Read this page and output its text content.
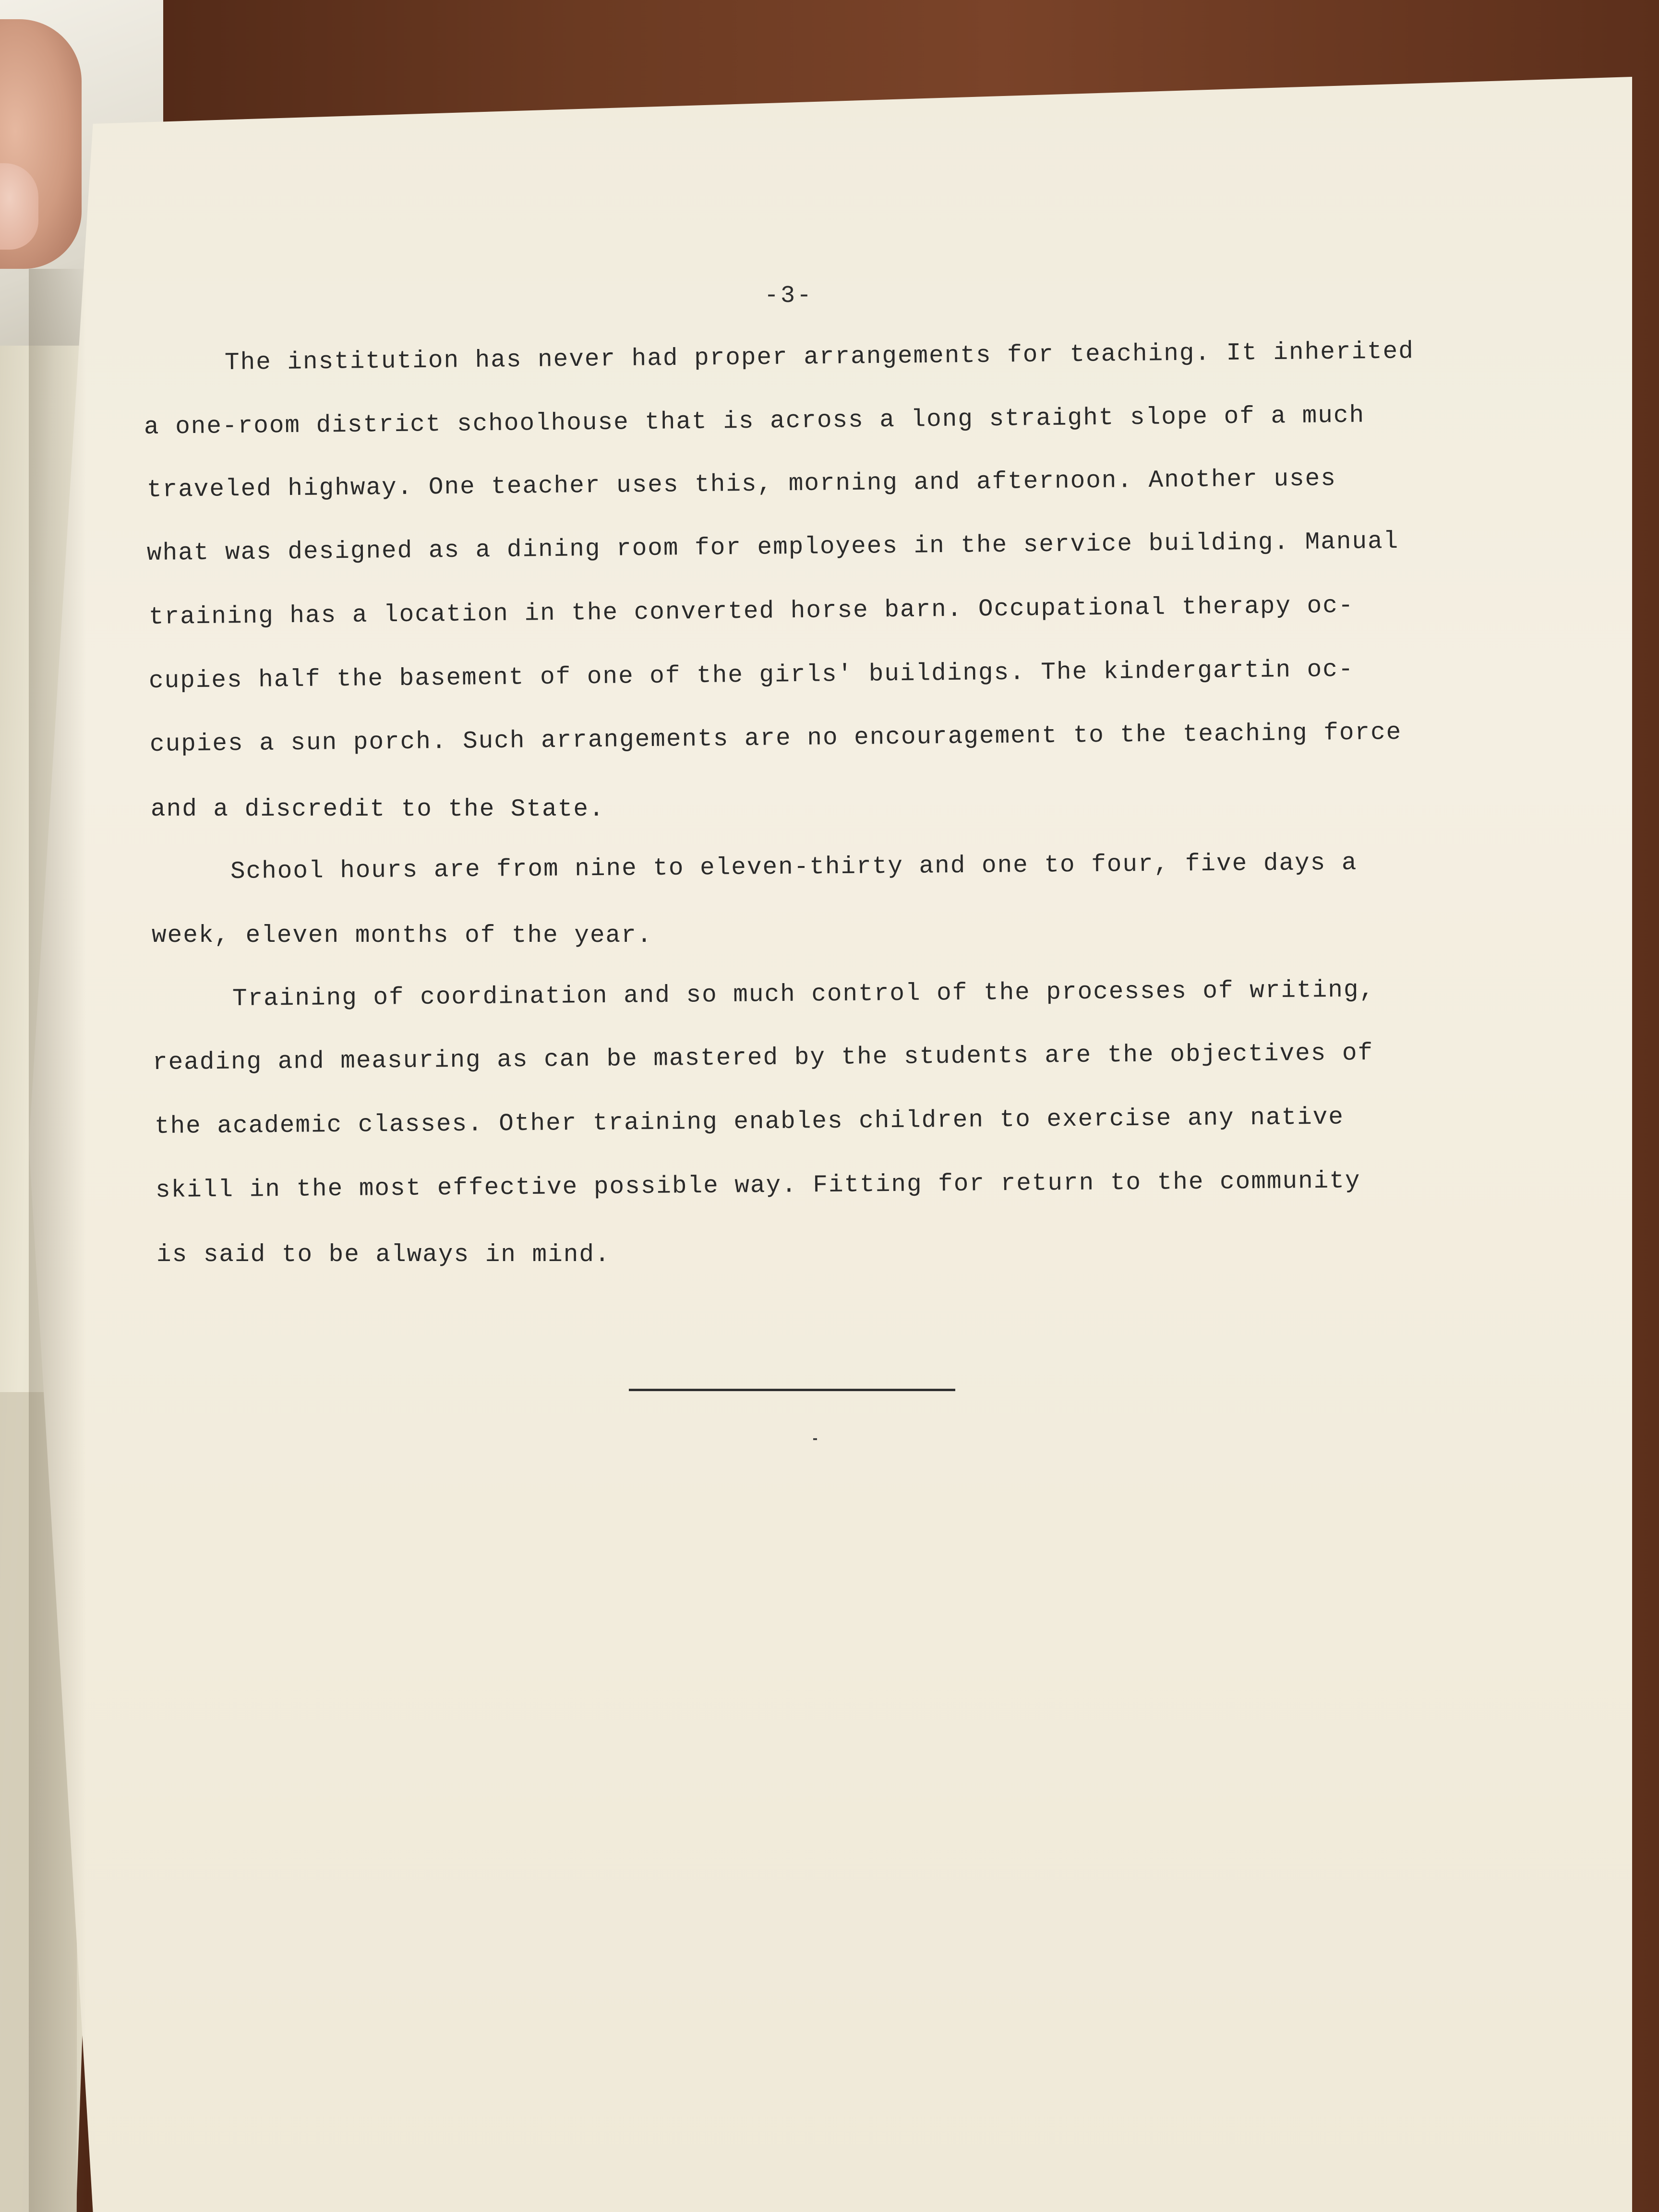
-3-
The institution has never had proper arrangements for teaching. It inherited
a one-room district schoolhouse that is across a long straight slope of a much
traveled highway. One teacher uses this, morning and afternoon. Another uses
what was designed as a dining room for employees in the service building. Manual
training has a location in the converted horse barn. Occupational therapy oc-
cupies half the basement of one of the girls' buildings. The kindergartin oc-
cupies a sun porch. Such arrangements are no encouragement to the teaching force
and a discredit to the State.
School hours are from nine to eleven-thirty and one to four, five days a
week, eleven months of the year.
Training of coordination and so much control of the processes of writing,
reading and measuring as can be mastered by the students are the objectives of
the academic classes. Other training enables children to exercise any native
skill in the most effective possible way. Fitting for return to the community
is said to be always in mind.
